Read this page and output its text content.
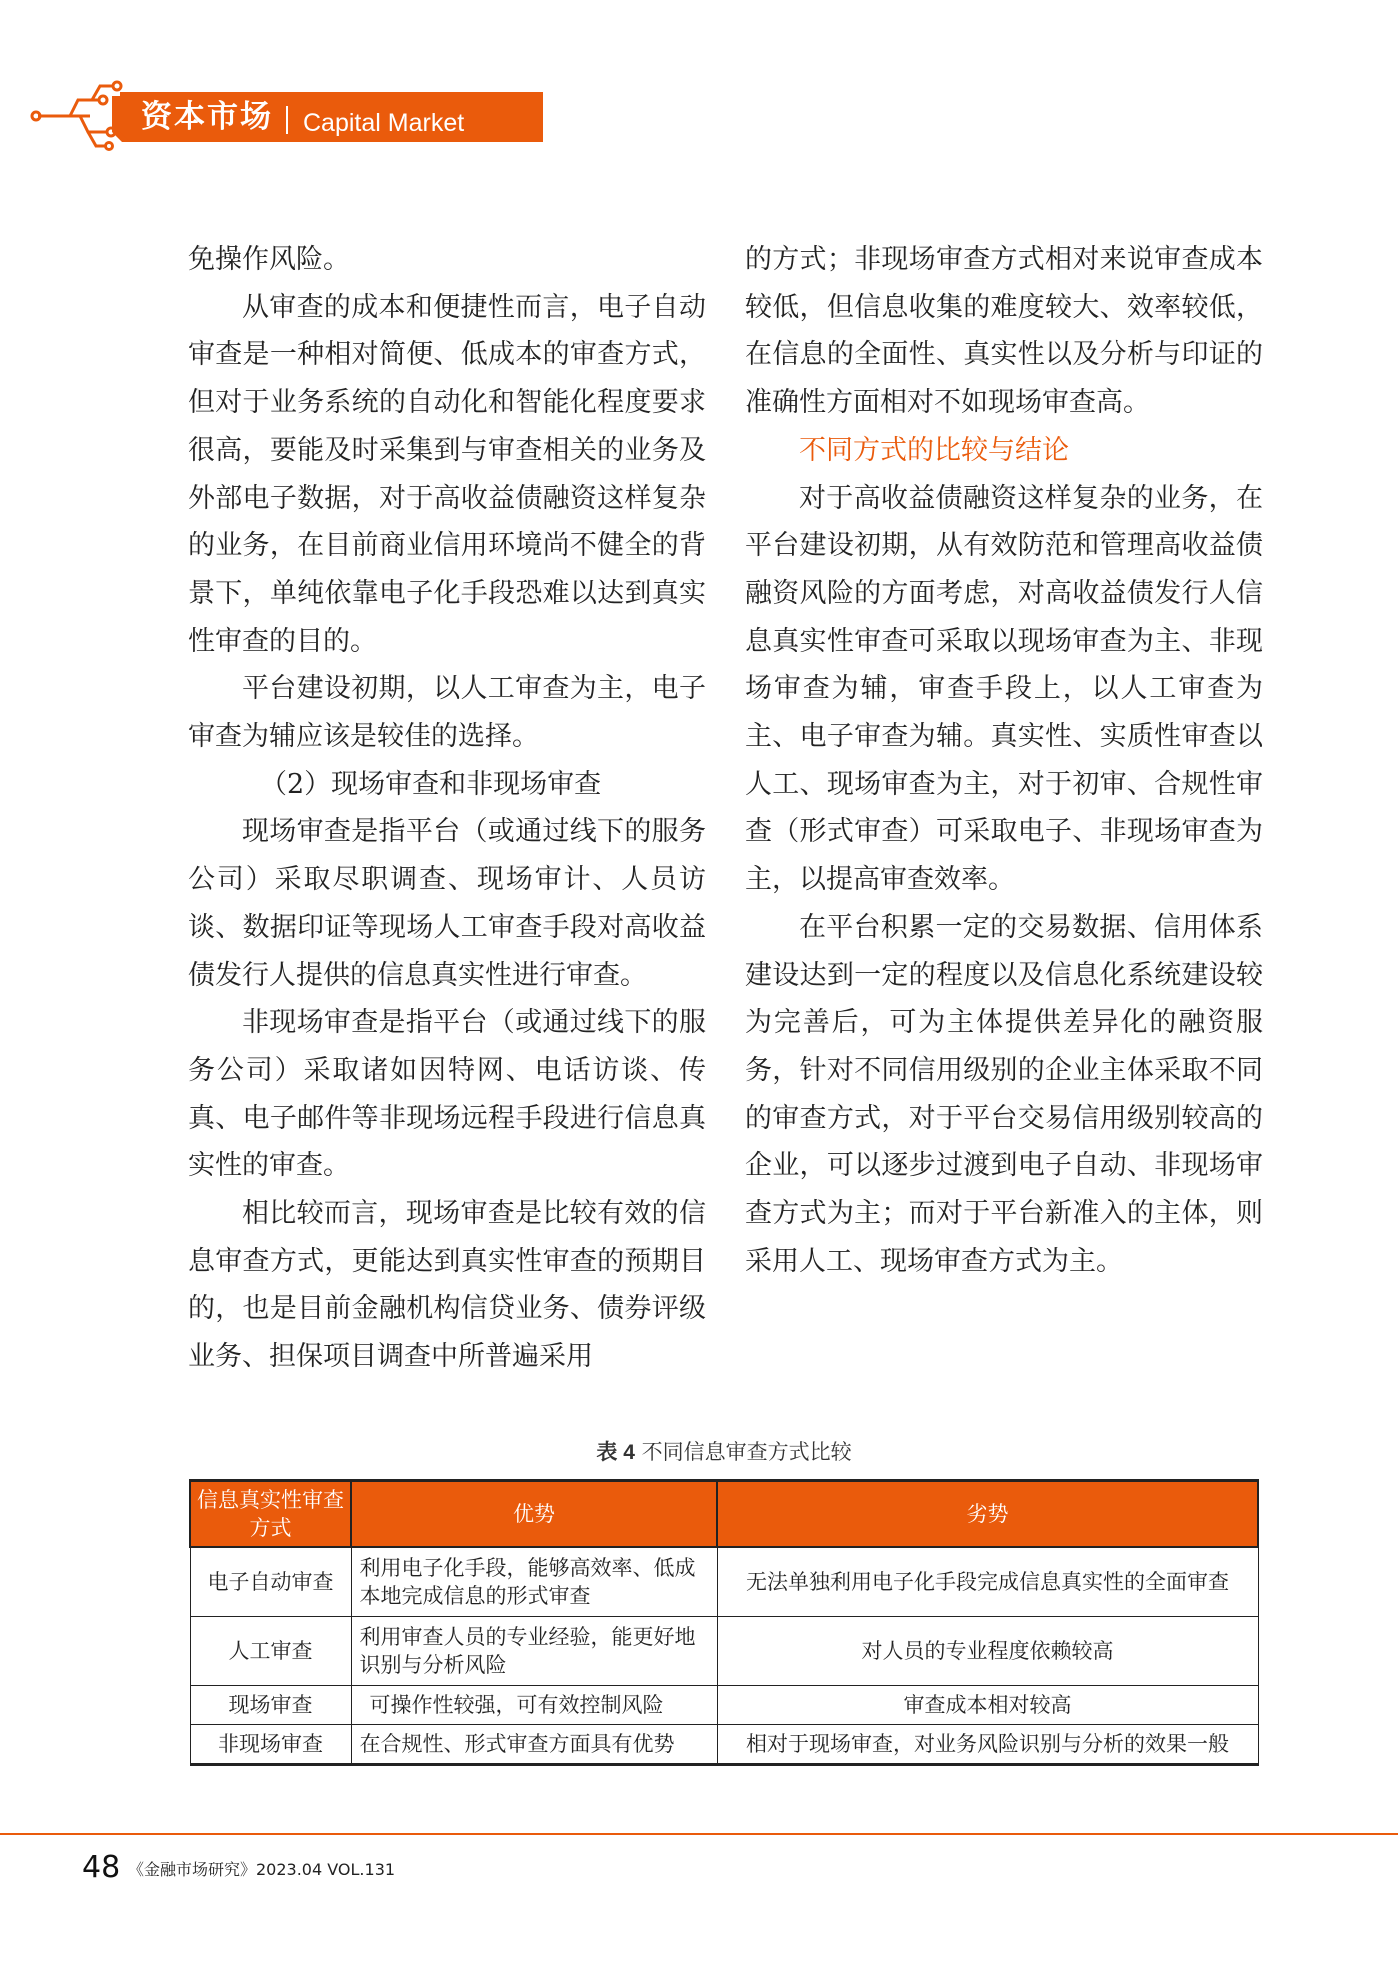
资本市场 Capital Market

免操作风险。

从审查的成本和便捷性而言，电子自动审查是一种相对简便、低成本的审查方式，但对于业务系统的自动化和智能化程度要求很高，要能及时采集到与审查相关的业务及外部电子数据，对于高收益债融资这样复杂的业务，在目前商业信用环境尚不健全的背景下，单纯依靠电子化手段恐难以达到真实性审查的目的。

平台建设初期，以人工审查为主，电子审查为辅应该是较佳的选择。

（2）现场审查和非现场审查

现场审查是指平台（或通过线下的服务公司）采取尽职调查、现场审计、人员访谈、数据印证等现场人工审查手段对高收益债发行人提供的信息真实性进行审查。

非现场审查是指平台（或通过线下的服务公司）采取诸如因特网、电话访谈、传真、电子邮件等非现场远程手段进行信息真实性的审查。

相比较而言，现场审查是比较有效的信息审查方式，更能达到真实性审查的预期目的，也是目前金融机构信贷业务、债券评级业务、担保项目调查中所普遍采用

的方式；非现场审查方式相对来说审查成本较低，但信息收集的难度较大、效率较低，在信息的全面性、真实性以及分析与印证的准确性方面相对不如现场审查高。

不同方式的比较与结论

对于高收益债融资这样复杂的业务，在平台建设初期，从有效防范和管理高收益债融资风险的方面考虑，对高收益债发行人信息真实性审查可采取以现场审查为主、非现场审查为辅，审查手段上，以人工审查为主、电子审查为辅。真实性、实质性审查以人工、现场审查为主，对于初审、合规性审查（形式审查）可采取电子、非现场审查为主，以提高审查效率。

在平台积累一定的交易数据、信用体系建设达到一定的程度以及信息化系统建设较为完善后，可为主体提供差异化的融资服务，针对不同信用级别的企业主体采取不同的审查方式，对于平台交易信用级别较高的企业，可以逐步过渡到电子自动、非现场审查方式为主；而对于平台新准入的主体，则采用人工、现场审查方式为主。

表 4 不同信息审查方式比较
信息真实性审查方式	优势	劣势
电子自动审查	利用电子化手段，能够高效率、低成本地完成信息的形式审查	无法单独利用电子化手段完成信息真实性的全面审查
人工审查	利用审查人员的专业经验，能更好地识别与分析风险	对人员的专业程度依赖较高
现场审查	可操作性较强，可有效控制风险	审查成本相对较高
非现场审查	在合规性、形式审查方面具有优势	相对于现场审查，对业务风险识别与分析的效果一般
48 《金融市场研究》2023.04 VOL.131
